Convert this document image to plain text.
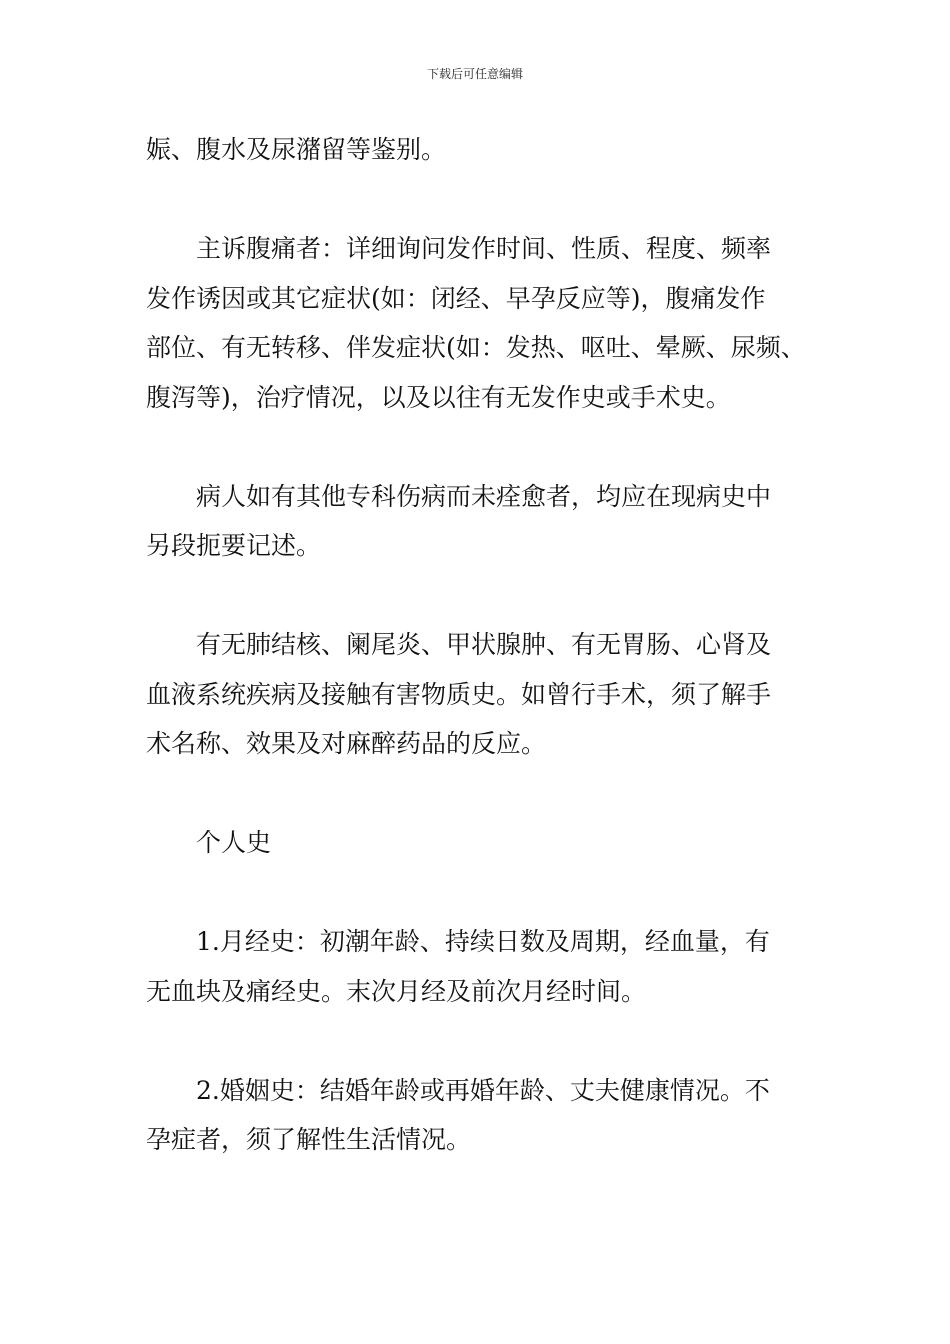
下载后可任意编辑
娠、腹水及尿潴留等鉴别。
主诉腹痛者：详细询问发作时间、性质、程度、频率
发作诱因或其它症状(如：闭经、早孕反应等)，腹痛发作
部位、有无转移、伴发症状(如：发热、呕吐、晕厥、尿频、
腹泻等)，治疗情况，以及以往有无发作史或手术史。
病人如有其他专科伤病而未痊愈者，均应在现病史中
另段扼要记述。
有无肺结核、阑尾炎、甲状腺肿、有无胃肠、心肾及
血液系统疾病及接触有害物质史。如曾行手术，须了解手
术名称、效果及对麻醉药品的反应。
个人史
1.月经史：初潮年龄、持续日数及周期，经血量，有
无血块及痛经史。末次月经及前次月经时间。
2.婚姻史：结婚年龄或再婚年龄、丈夫健康情况。不
孕症者，须了解性生活情况。
